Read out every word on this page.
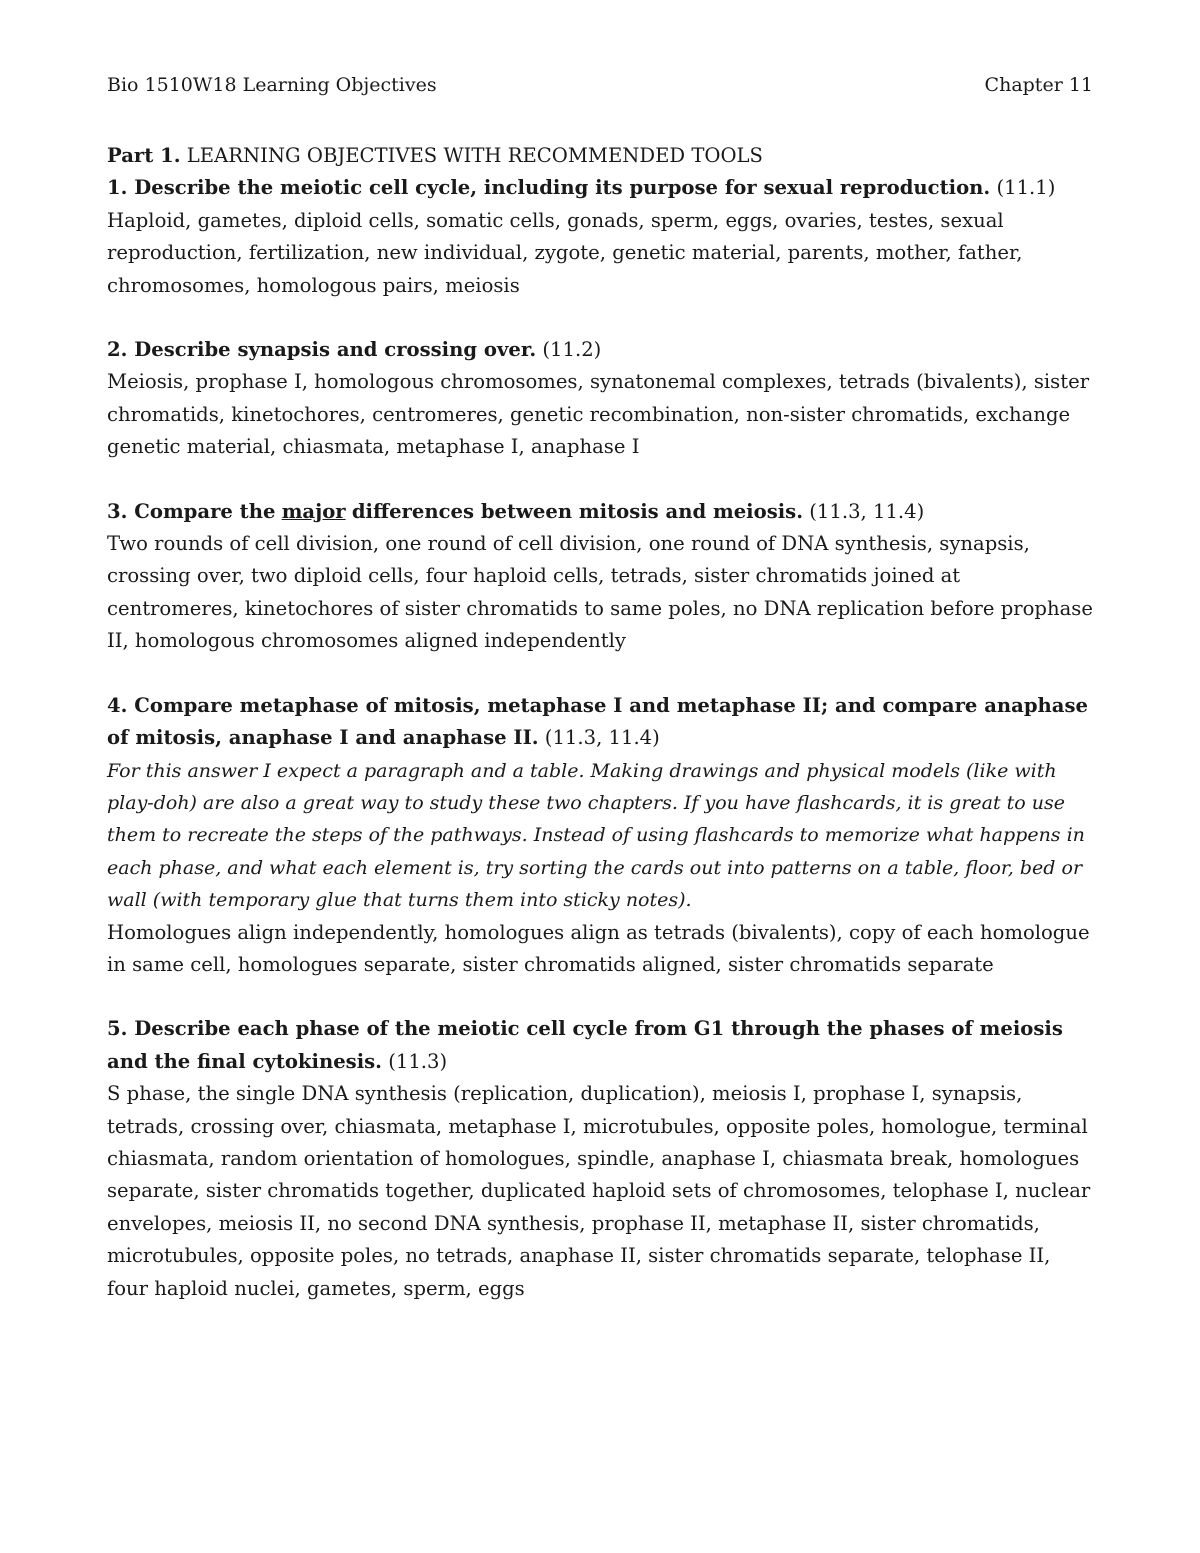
Bio 1510W18 Learning Objectives	Chapter 11

Part 1. LEARNING OBJECTIVES WITH RECOMMENDED TOOLS

1. Describe the meiotic cell cycle, including its purpose for sexual reproduction. (11.1)

Haploid, gametes, diploid cells, somatic cells, gonads, sperm, eggs, ovaries, testes, sexual reproduction, fertilization, new individual, zygote, genetic material, parents, mother, father, chromosomes, homologous pairs, meiosis

2. Describe synapsis and crossing over. (11.2)

Meiosis, prophase I, homologous chromosomes, synatonemal complexes, tetrads (bivalents), sister chromatids, kinetochores, centromeres, genetic recombination, non-sister chromatids, exchange genetic material, chiasmata, metaphase I, anaphase I

3. Compare the major differences between mitosis and meiosis. (11.3, 11.4)

Two rounds of cell division, one round of cell division, one round of DNA synthesis, synapsis, crossing over, two diploid cells, four haploid cells, tetrads, sister chromatids joined at centromeres, kinetochores of sister chromatids to same poles, no DNA replication before prophase II, homologous chromosomes aligned independently

4. Compare metaphase of mitosis, metaphase I and metaphase II; and compare anaphase of mitosis, anaphase I and anaphase II. (11.3, 11.4)

For this answer I expect a paragraph and a table. Making drawings and physical models (like with play-doh) are also a great way to study these two chapters. If you have flashcards, it is great to use them to recreate the steps of the pathways. Instead of using flashcards to memorize what happens in each phase, and what each element is, try sorting the cards out into patterns on a table, floor, bed or wall (with temporary glue that turns them into sticky notes).

Homologues align independently, homologues align as tetrads (bivalents), copy of each homologue in same cell, homologues separate, sister chromatids aligned, sister chromatids separate

5. Describe each phase of the meiotic cell cycle from G1 through the phases of meiosis and the final cytokinesis. (11.3)

S phase, the single DNA synthesis (replication, duplication), meiosis I, prophase I, synapsis, tetrads, crossing over, chiasmata, metaphase I, microtubules, opposite poles, homologue, terminal chiasmata, random orientation of homologues, spindle, anaphase I, chiasmata break, homologues separate, sister chromatids together, duplicated haploid sets of chromosomes, telophase I, nuclear envelopes, meiosis II, no second DNA synthesis, prophase II, metaphase II, sister chromatids, microtubules, opposite poles, no tetrads, anaphase II, sister chromatids separate, telophase II, four haploid nuclei, gametes, sperm, eggs
